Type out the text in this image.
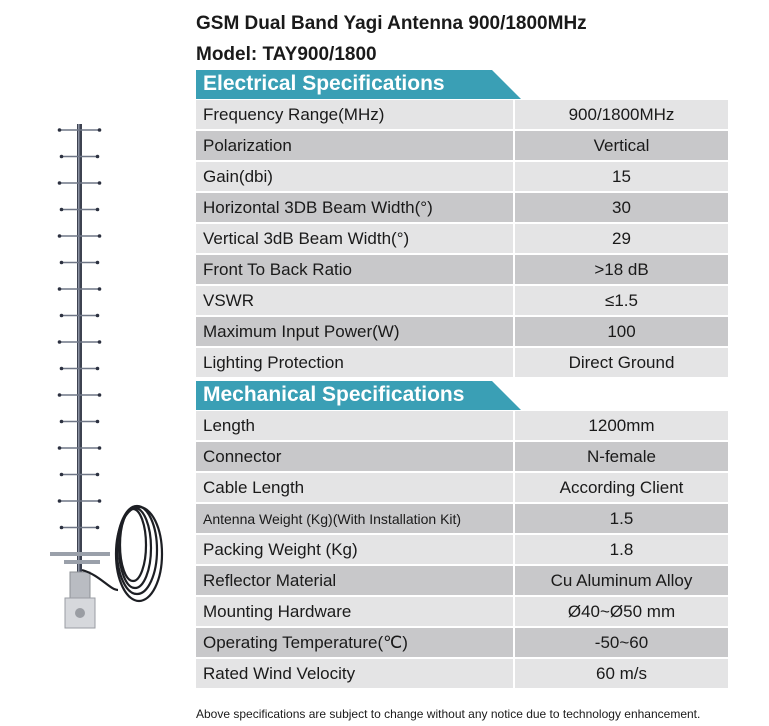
GSM Dual Band Yagi Antenna 900/1800MHz
Model: TAY900/1800
Electrical Specifications
Frequency Range(MHz)	900/1800MHz
Polarization	Vertical
Gain(dbi)	15
Horizontal 3DB Beam Width(°)	30
Vertical 3dB Beam Width(°)	29
Front To Back Ratio	>18 dB
VSWR	≤1.5
Maximum Input Power(W)	100
Lighting Protection	Direct Ground
Mechanical Specifications
Length	1200mm
Connector	N-female
Cable Length	According Client
Antenna Weight (Kg)(With Installation Kit)	1.5
Packing Weight (Kg)	1.8
Reflector Material	Cu Aluminum Alloy
Mounting Hardware	Ø40~Ø50 mm
Operating Temperature(℃)	-50~60
Rated Wind Velocity	60 m/s
Above specifications are subject to change without any notice due to technology enhancement.
